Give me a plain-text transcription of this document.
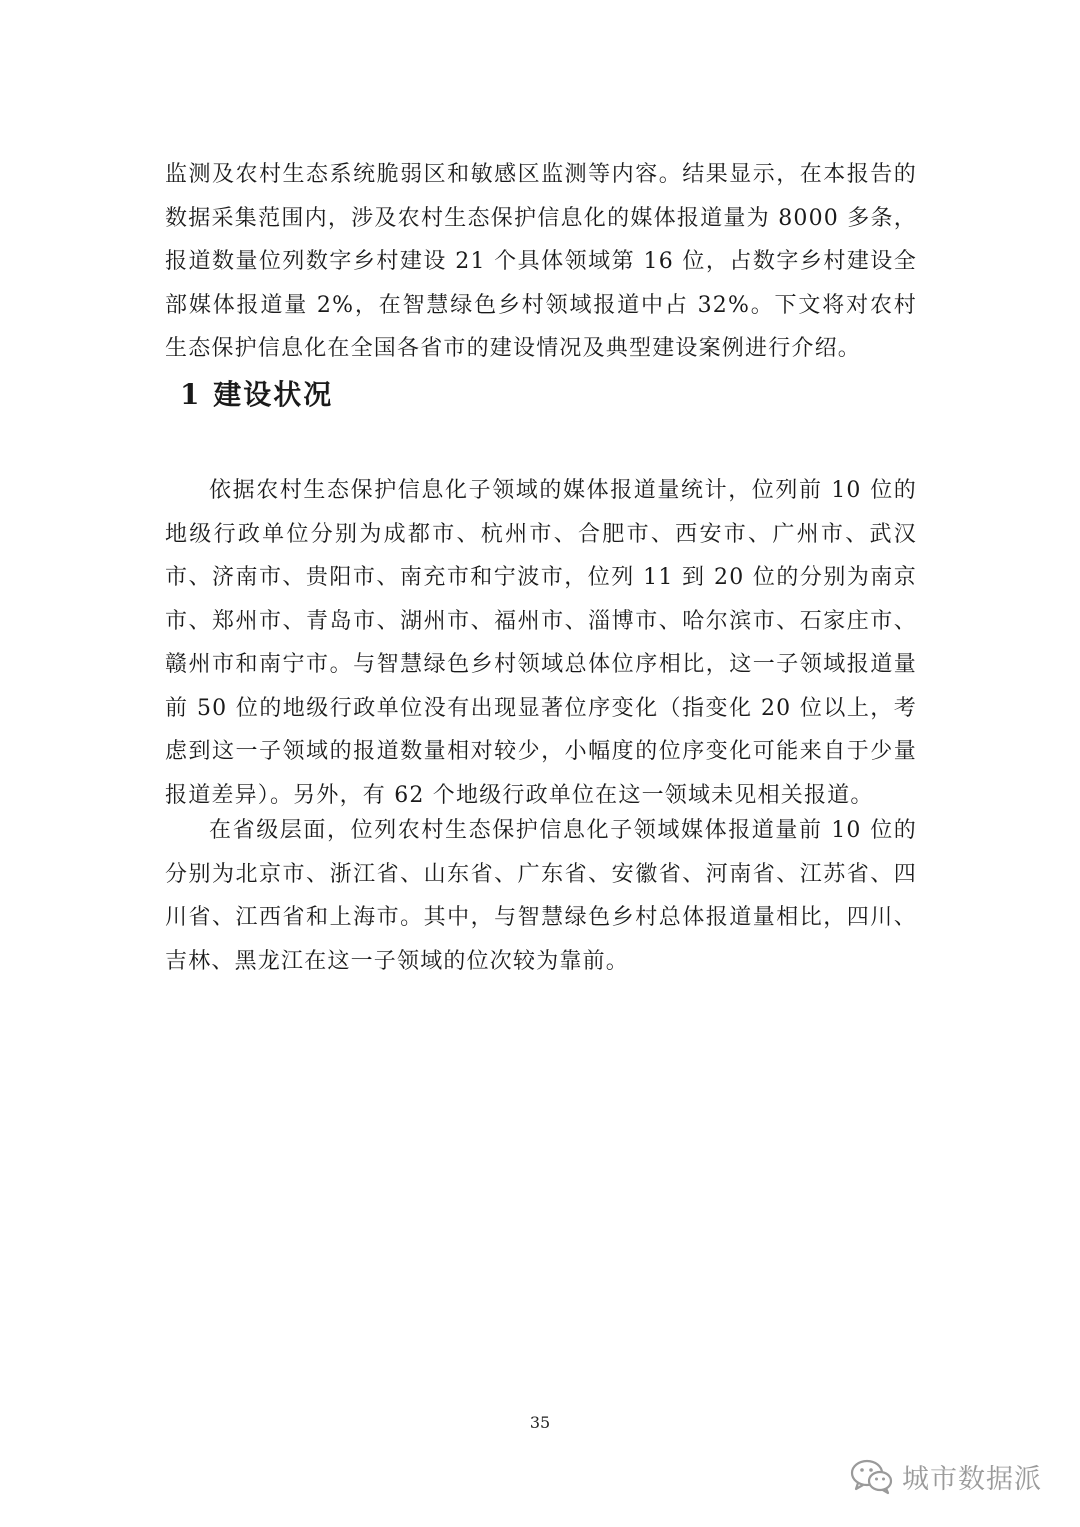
监测及农村生态系统脆弱区和敏感区监测等内容。结果显示，在本报告的数据采集范围内，涉及农村生态保护信息化的媒体报道量为 8000 多条，报道数量位列数字乡村建设 21 个具体领域第 16 位，占数字乡村建设全部媒体报道量 2%，在智慧绿色乡村领域报道中占 32%。下文将对农村生态保护信息化在全国各省市的建设情况及典型建设案例进行介绍。

1 建设状况

依据农村生态保护信息化子领域的媒体报道量统计，位列前 10 位的地级行政单位分别为成都市、杭州市、合肥市、西安市、广州市、武汉市、济南市、贵阳市、南充市和宁波市，位列 11 到 20 位的分别为南京市、郑州市、青岛市、湖州市、福州市、淄博市、哈尔滨市、石家庄市、赣州市和南宁市。与智慧绿色乡村领域总体位序相比，这一子领域报道量前 50 位的地级行政单位没有出现显著位序变化（指变化 20 位以上，考虑到这一子领域的报道数量相对较少，小幅度的位序变化可能来自于少量报道差异）。另外，有 62 个地级行政单位在这一领域未见相关报道。

在省级层面，位列农村生态保护信息化子领域媒体报道量前 10 位的分别为北京市、浙江省、山东省、广东省、安徽省、河南省、江苏省、四川省、江西省和上海市。其中，与智慧绿色乡村总体报道量相比，四川、吉林、黑龙江在这一子领域的位次较为靠前。

35
城市数据派
